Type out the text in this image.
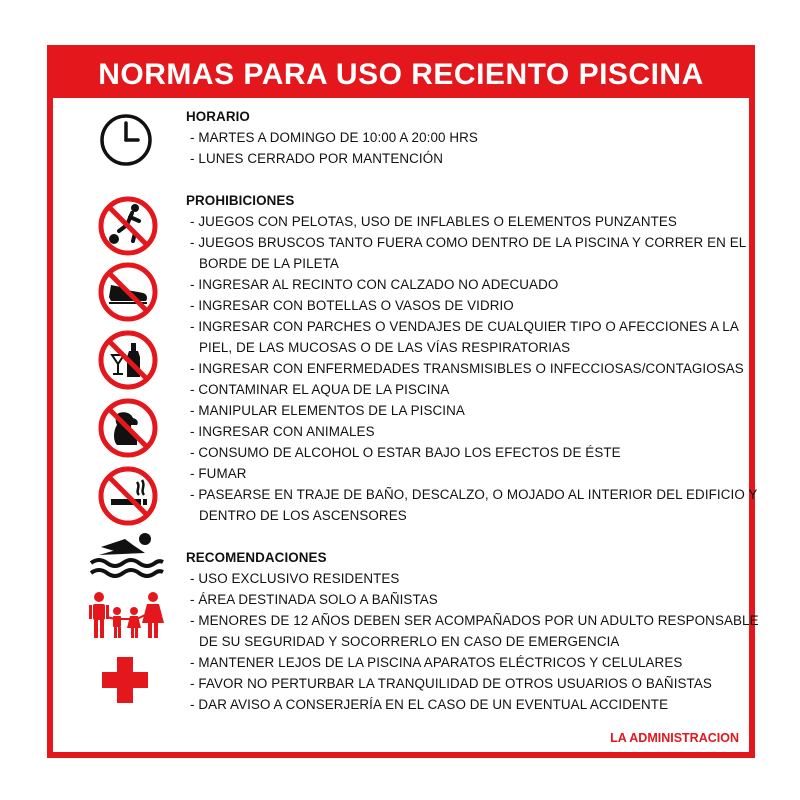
NORMAS PARA USO RECIENTO PISCINA
HORARIO
- MARTES A DOMINGO DE 10:00 A 20:00 HRS
- LUNES CERRADO POR MANTENCIÓN
PROHIBICIONES
- JUEGOS CON PELOTAS, USO DE INFLABLES O ELEMENTOS PUNZANTES
- JUEGOS BRUSCOS TANTO FUERA COMO DENTRO DE LA PISCINA Y CORRER EN EL BORDE DE LA PILETA
- INGRESAR AL RECINTO CON CALZADO NO ADECUADO
- INGRESAR CON BOTELLAS O VASOS DE VIDRIO
- INGRESAR CON PARCHES O VENDAJES DE CUALQUIER TIPO O AFECCIONES A LA PIEL, DE LAS MUCOSAS O DE LAS VÍAS RESPIRATORIAS
- INGRESAR CON ENFERMEDADES TRANSMISIBLES O INFECCIOSAS/CONTAGIOSAS
- CONTAMINAR EL AQUA DE LA PISCINA
- MANIPULAR ELEMENTOS DE LA PISCINA
- INGRESAR CON ANIMALES
- CONSUMO DE ALCOHOL O ESTAR BAJO LOS EFECTOS DE ÉSTE
- FUMAR
- PASEARSE EN TRAJE DE BAÑO, DESCALZO, O MOJADO AL INTERIOR DEL EDIFICIO Y DENTRO DE LOS ASCENSORES
RECOMENDACIONES
- USO EXCLUSIVO RESIDENTES
- ÁREA DESTINADA SOLO A BAÑISTAS
- MENORES DE 12 AÑOS DEBEN SER ACOMPAÑADOS POR UN ADULTO RESPONSABLE DE SU SEGURIDAD Y SOCORRERLO EN CASO DE EMERGENCIA
- MANTENER LEJOS DE LA PISCINA APARATOS ELÉCTRICOS Y CELULARES
- FAVOR NO PERTURBAR LA TRANQUILIDAD DE OTROS USUARIOS O BAÑISTAS
- DAR AVISO A CONSERJERÍA EN EL CASO DE UN EVENTUAL ACCIDENTE
LA ADMINISTRACION
